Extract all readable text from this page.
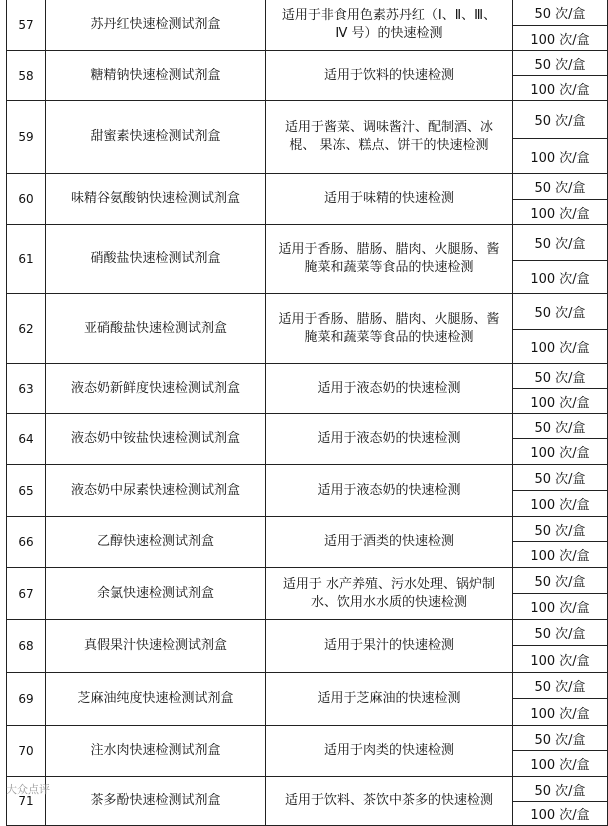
57	苏丹红快速检测试剂盒	适用于非食用色素苏丹红（Ⅰ、Ⅱ、Ⅲ、 Ⅳ 号）的快速检测	50 次/盒
			100 次/盒
58	糖精钠快速检测试剂盒	适用于饮料的快速检测	50 次/盒
			100 次/盒
59	甜蜜素快速检测试剂盒	适用于酱菜、调味酱汁、配制酒、冰棍、 果冻、糕点、饼干的快速检测	50 次/盒
			100 次/盒
60	味精谷氨酸钠快速检测试剂盒	适用于味精的快速检测	50 次/盒
			100 次/盒
61	硝酸盐快速检测试剂盒	适用于香肠、腊肠、腊肉、火腿肠、酱 腌菜和蔬菜等食品的快速检测	50 次/盒
			100 次/盒
62	亚硝酸盐快速检测试剂盒	适用于香肠、腊肠、腊肉、火腿肠、酱 腌菜和蔬菜等食品的快速检测	50 次/盒
			100 次/盒
63	液态奶新鲜度快速检测试剂盒	适用于液态奶的快速检测	50 次/盒
			100 次/盒
64	液态奶中铵盐快速检测试剂盒	适用于液态奶的快速检测	50 次/盒
			100 次/盒
65	液态奶中尿素快速检测试剂盒	适用于液态奶的快速检测	50 次/盒
			100 次/盒
66	乙醇快速检测试剂盒	适用于酒类的快速检测	50 次/盒
			100 次/盒
67	余氯快速检测试剂盒	适用于 水产养殖、污水处理、锅炉制 水、饮用水水质的快速检测	50 次/盒
			100 次/盒
68	真假果汁快速检测试剂盒	适用于果汁的快速检测	50 次/盒
			100 次/盒
69	芝麻油纯度快速检测试剂盒	适用于芝麻油的快速检测	50 次/盒
			100 次/盒
70	注水肉快速检测试剂盒	适用于肉类的快速检测	50 次/盒
			100 次/盒
71	茶多酚快速检测试剂盒	适用于饮料、茶饮中茶多的快速检测	50 次/盒
			100 次/盒
大众点评
